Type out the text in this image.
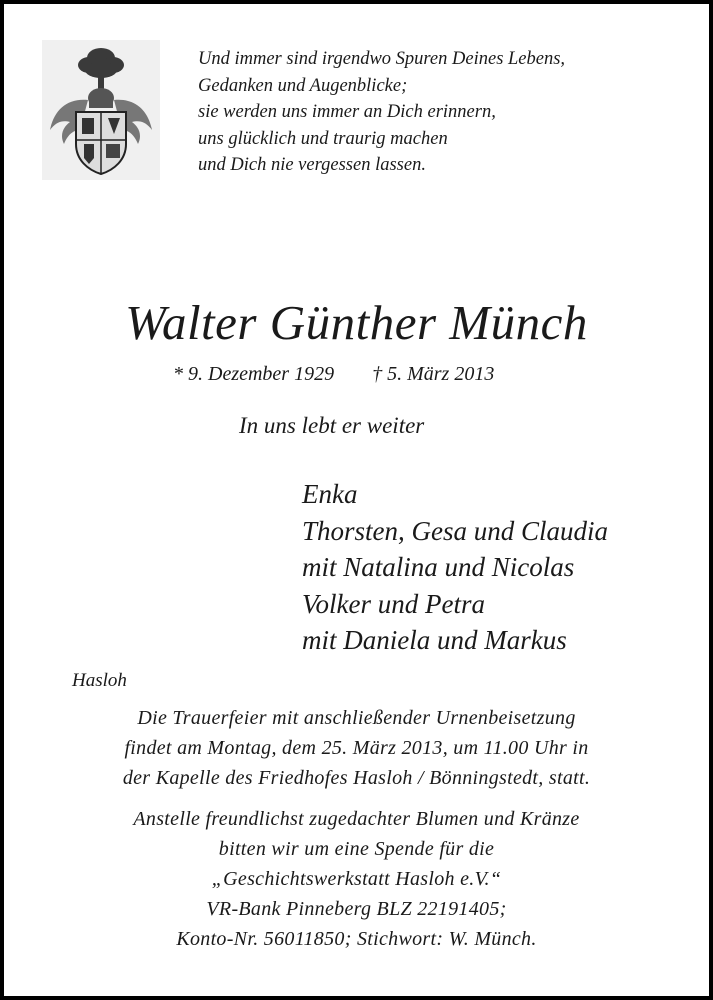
Und immer sind irgendwo Spuren Deines Lebens,
Gedanken und Augenblicke;
sie werden uns immer an Dich erinnern,
uns glücklich und traurig machen
und Dich nie vergessen lassen.
Walter Günther Münch
* 9. Dezember 1929 † 5. März 2013
In uns lebt er weiter
Enka
Thorsten, Gesa und Claudia
mit Natalina und Nicolas
Volker und Petra
mit Daniela und Markus
Hasloh
Die Trauerfeier mit anschließender Urnenbeisetzung
findet am Montag, dem 25. März 2013, um 11.00 Uhr in
der Kapelle des Friedhofes Hasloh / Bönningstedt, statt.
Anstelle freundlichst zugedachter Blumen und Kränze
bitten wir um eine Spende für die
„Geschichtswerkstatt Hasloh e.V.“
VR-Bank Pinneberg BLZ 22191405;
Konto-Nr. 56011850; Stichwort: W. Münch.
